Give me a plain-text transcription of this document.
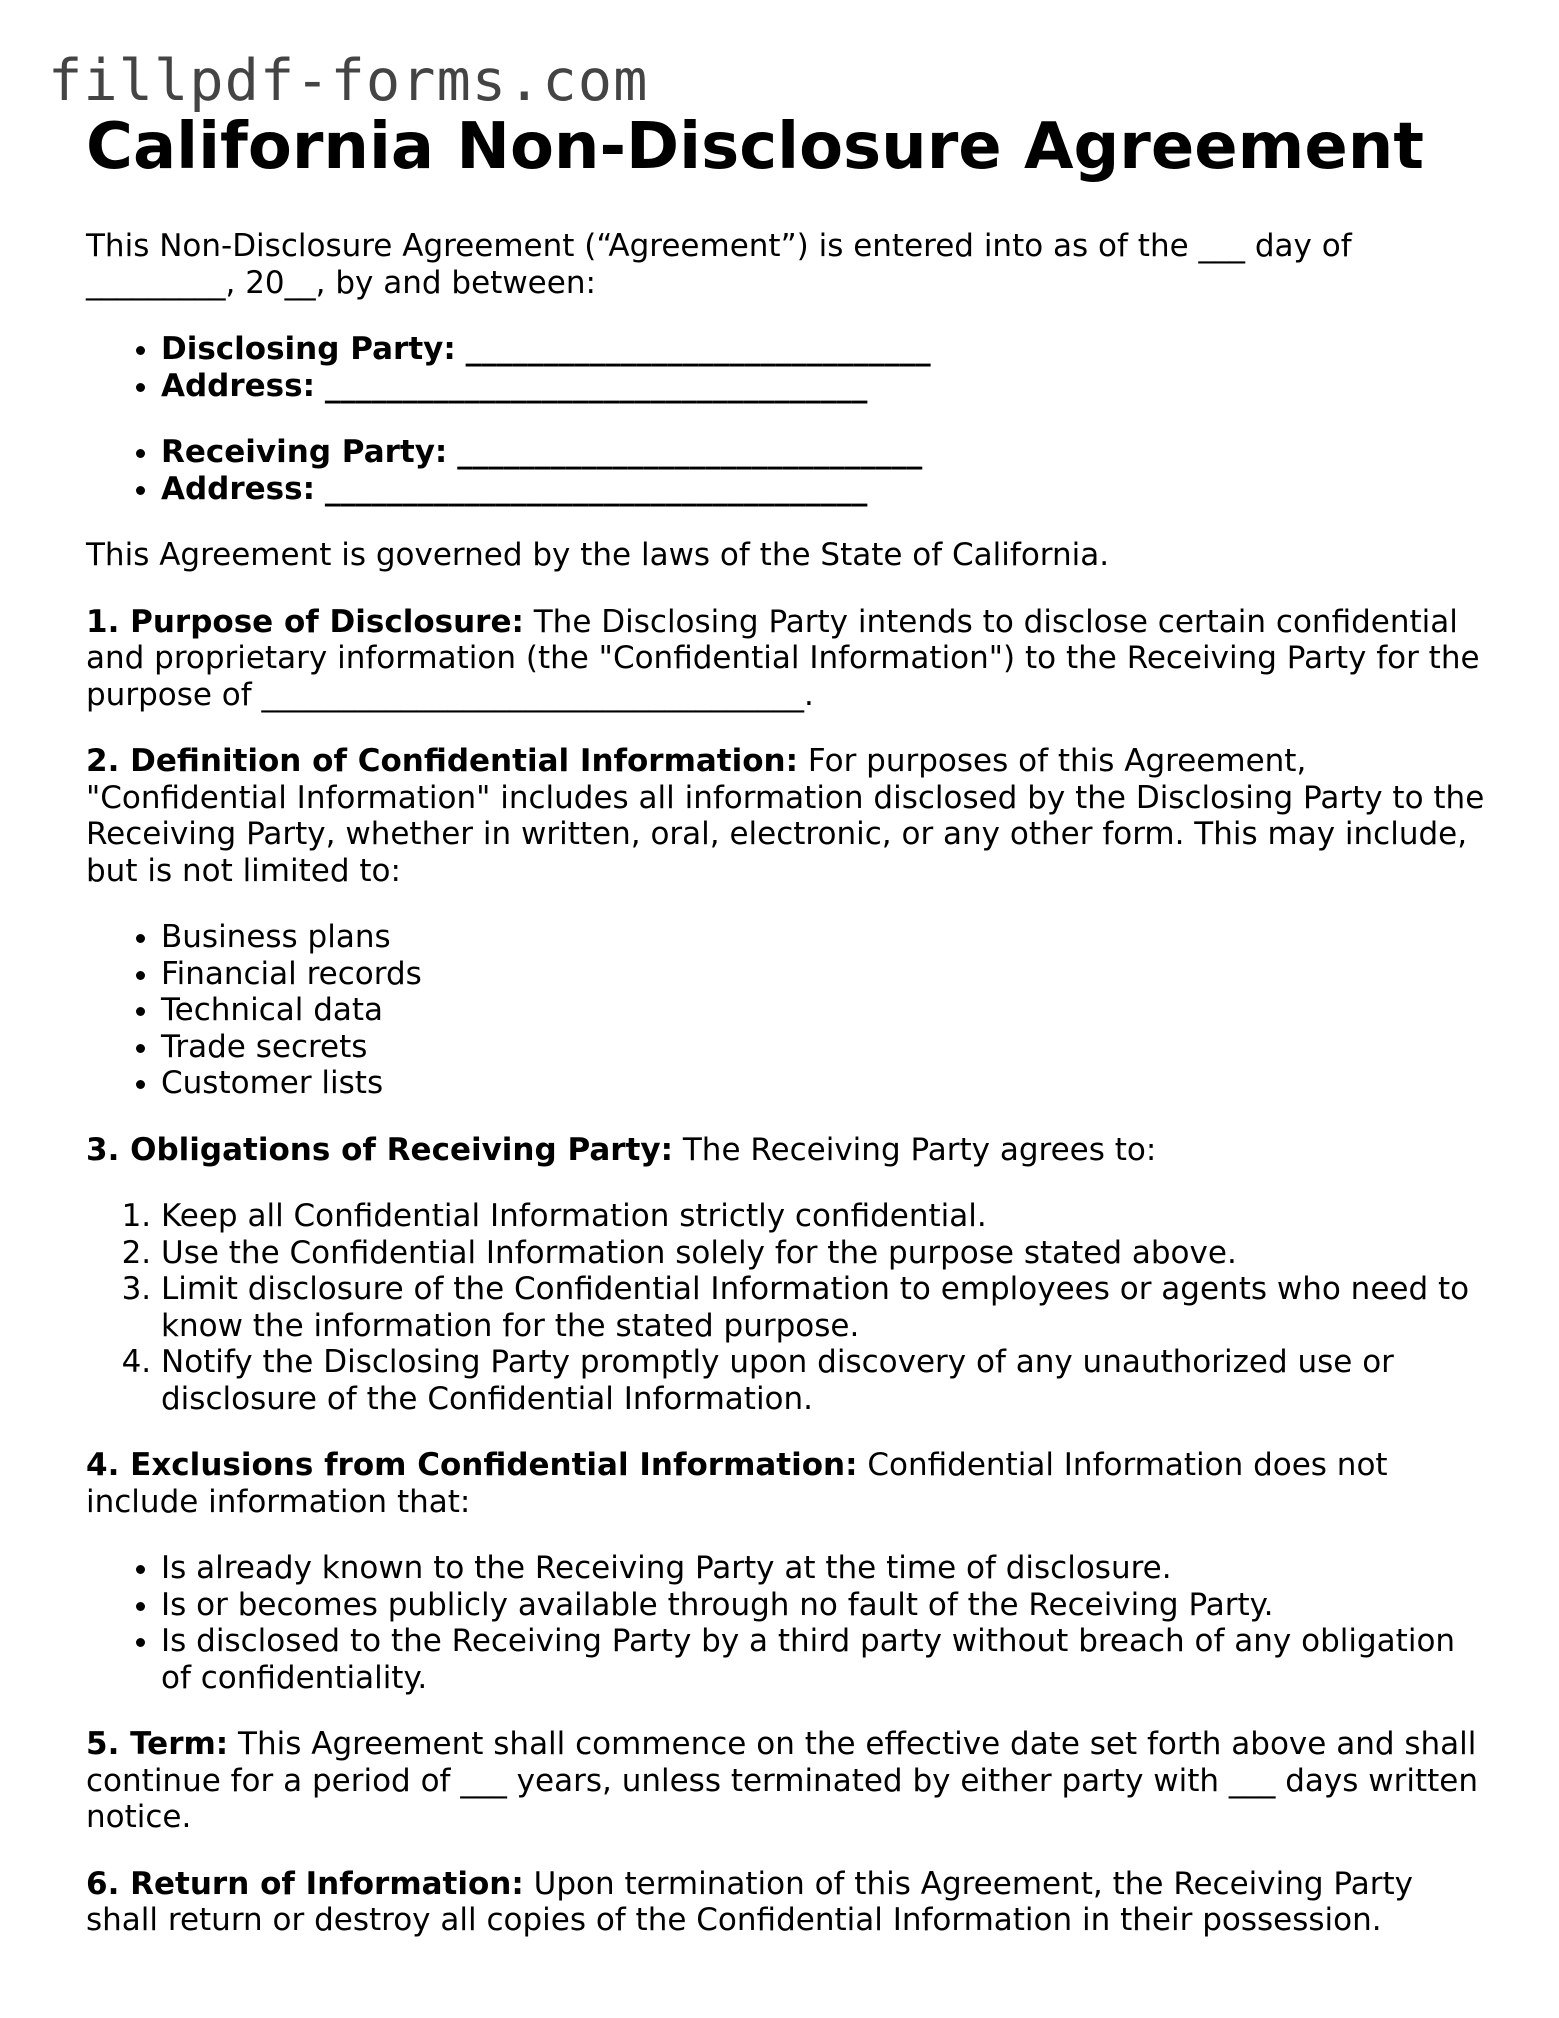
fillpdf-forms.com
California Non-Disclosure Agreement

This Non-Disclosure Agreement (“Agreement”) is entered into as of the ___ day of
_________, 20__, by and between:

• Disclosing Party: ______________________________
• Address: ___________________________________
• Receiving Party: ______________________________
• Address: ___________________________________

This Agreement is governed by the laws of the State of California.

1. Purpose of Disclosure: The Disclosing Party intends to disclose certain confidential and proprietary information (the "Confidential Information") to the Receiving Party for the purpose of ___________________________________.

2. Definition of Confidential Information: For purposes of this Agreement, "Confidential Information" includes all information disclosed by the Disclosing Party to the Receiving Party, whether in written, oral, electronic, or any other form. This may include, but is not limited to:

• Business plans
• Financial records
• Technical data
• Trade secrets
• Customer lists

3. Obligations of Receiving Party: The Receiving Party agrees to:

1. Keep all Confidential Information strictly confidential.
2. Use the Confidential Information solely for the purpose stated above.
3. Limit disclosure of the Confidential Information to employees or agents who need to know the information for the stated purpose.
4. Notify the Disclosing Party promptly upon discovery of any unauthorized use or disclosure of the Confidential Information.

4. Exclusions from Confidential Information: Confidential Information does not include information that:

• Is already known to the Receiving Party at the time of disclosure.
• Is or becomes publicly available through no fault of the Receiving Party.
• Is disclosed to the Receiving Party by a third party without breach of any obligation of confidentiality.

5. Term: This Agreement shall commence on the effective date set forth above and shall continue for a period of ___ years, unless terminated by either party with ___ days written notice.

6. Return of Information: Upon termination of this Agreement, the Receiving Party shall return or destroy all copies of the Confidential Information in their possession.
